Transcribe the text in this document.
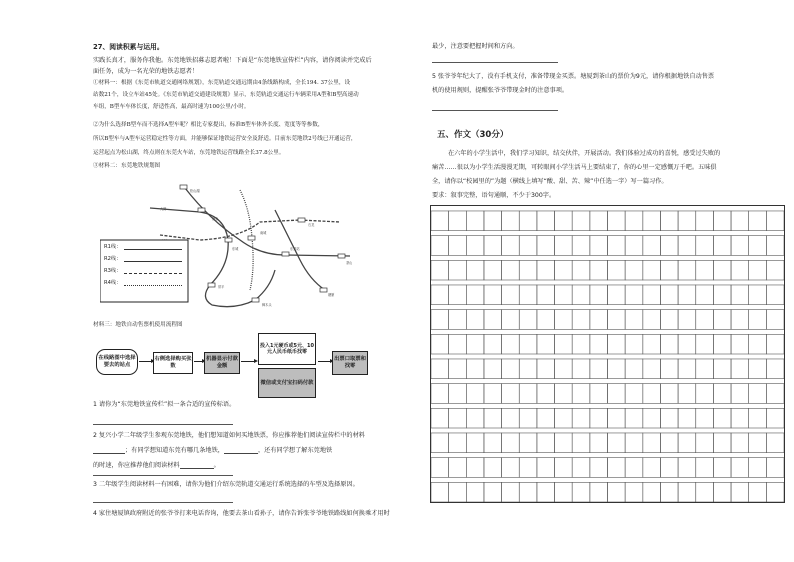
27、阅读积累与运用。
实践长真才，服务你我他。东莞地铁招募志愿者啦！下面是“东莞地铁宣传栏”内容，请你阅读并完成后
面任务，成为一名光荣的地铁志愿者！
①材料一：根据《东莞市轨道交通网络规划》，东莞轨道交通远期由4条线路构成，全长194. 37公里，设
站数21个，设立车站45处。《东莞市轨道交通建设规划》显示，东莞轨道交通运行车辆采用A型和B型高速动
车组，B型车车体长度，舒适性高，最高时速为100公里/小时。
②为什么选择B型车而不选择A型车呢？相比专家提出，标准B型车体外长度、宽度等等参数，
所以B型车与A型车运营稳定性等方面，并能够保证地铁运营安全及舒适。目前东莞地铁2号线已开通运营，
运营起点为松山湖，终点则在东莞火车站，东莞地铁运营线路全长37.8公里。
③材料二：东莞地铁规划图
松山湖
大朗
寮步
东城
南城
东莞站
常平
樟木头
石龙
茶山
塘厦
R1线：
R2线：
R3线：
R4线：
材料三：地铁自动售票机使用流程图
在线路图中选择要去的站点
右侧选择购买张数
机器显示付款金额
投入1元硬币或5元、10元人民币纸币找零
微信或支付宝扫码付款
出票口取票和找零
1 请你为“东莞地铁宣传栏”拟一条合适的宣传标语。
2 复兴小学二年级学生参观东莞地铁，他们想知道如何买地铁票，你应推荐他们阅读宣传栏中的材料
；有同学想知道东莞有哪几条地铁，	，还有同学想了解东莞地铁
的时速，你应推荐他们阅读材料	。
3 二年级学生阅读材料一有困难，请你为他们介绍东莞轨道交通运行系统选择的车型及选择原因。
4 家住塘厦镇政府附近的张爷爷打来电话咨询，他要去茶山看孙子，请你告诉张爷爷地铁路线如何换乘才用时
最少，注意要把握时间和方向。
5 张爷爷年纪大了，没有手机支付，准备带现金买票。塘厦到茶山的票价为9元，请你根据地铁自动售票
机的使用规则，提醒张爷爷带现金时的注意事项。
五、作文（30分）
在六年的小学生活中，我们学习知识，结交伙伴，开展活动。我们体验过成功的喜悦，感受过失败的
痛苦……很以为小学生活漫漫无期，可转眼间小学生活马上要结束了，你的心里一定感慨万千吧。五味俱
全，请你以“校园里的”为题（横线上填写“酸、甜、苦、辣”中任选一字）写一篇习作。
要求：叙事完整，语句通顺，不少于300字。
